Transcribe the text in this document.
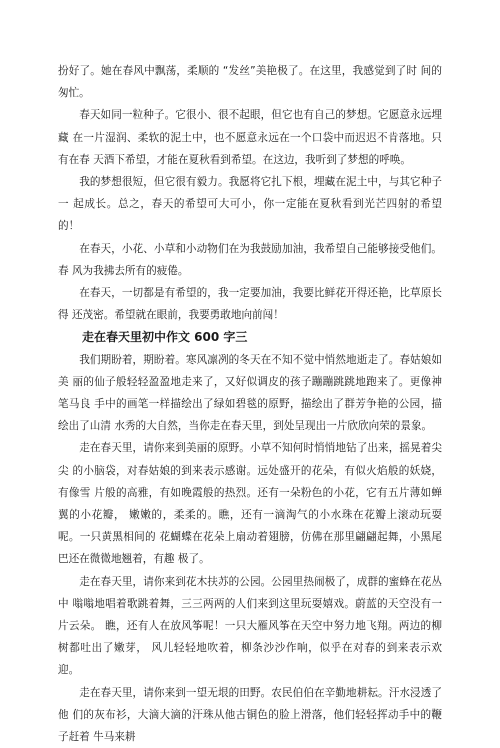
扮好了。她在春风中飘荡，柔顺的 “发丝”美艳极了。在这里，我感觉到了时 间的匆忙。

春天如同一粒种子。它很小、很不起眼，但它也有自己的梦想。它愿意永远埋藏 在一片湿润、柔软的泥土中，也不愿意永远在一个口袋中而迟迟不肯落地。只有在春 天酒下希望，才能在夏秋看到希望。在这边，我听到了梦想的呼唤。

我的梦想很短，但它很有毅力。我愿将它扎下根，埋藏在泥土中，与其它种子一 起成长。总之，春天的希望可大可小，你一定能在夏秋看到光芒四射的希望的！

在春天，小花、小草和小动物们在为我鼓励加油，我希望自己能够接受他们。春 风为我拂去所有的疲倦。

在春天，一切都是有希望的，我一定要加油，我要比鲜花开得还艳，比草原长得 还茂密。希望就在眼前，我要勇敢地向前闯！

走在春天里初中作文 600 字三

我们期盼着，期盼着。寒风凛冽的冬天在不知不觉中悄然地逝走了。春姑娘如美 丽的仙子般轻轻盈盈地走来了，又好似调皮的孩子蹦蹦跳跳地跑来了。更像神笔马良 手中的画笔一样描绘出了绿如碧毯的原野，描绘出了群芳争艳的公园，描绘出了山清 水秀的大自然，当你走在春天里，到处呈现出一片欣欣向荣的景象。

走在春天里，请你来到美丽的原野。小草不知何时悄悄地钻了出来，摇晃着尖尖 的小脑袋，对春姑娘的到来表示感谢。远处盛开的花朵，有似火焰般的妖娆，有像雪 片般的高雅，有如晚霞般的热烈。还有一朵粉色的小花，它有五片薄如蝉翼的小花瓣， 嫩嫩的，柔柔的。瞧，还有一滴淘气的小水珠在花瓣上滚动玩耍呢。一只黄黑相间的 花蝴蝶在花朵上扇动着翅膀，仿佛在那里翩翩起舞，小黑尾巴还在微微地翘着，有趣 极了。

走在春天里，请你来到花木扶苏的公园。公园里热闹极了，成群的蜜蜂在花丛中 嗡嗡地唱着歌跳着舞，三三两两的人们来到这里玩耍嬉戏。蔚蓝的天空没有一片云朵。 瞧，还有人在放风筝呢！一只大雁风筝在天空中努力地飞翔。两边的柳树都吐出了嫩芽， 风儿轻轻地吹着，柳条沙沙作响，似乎在对春的到来表示欢迎。

走在春天里，请你来到一望无垠的田野。农民伯伯在辛勤地耕耘。汗水浸透了他 们的灰布衫，大滴大滴的汗珠从他古铜色的脸上滑落，他们轻轻挥动手中的鞭子赶着 牛马来耕
